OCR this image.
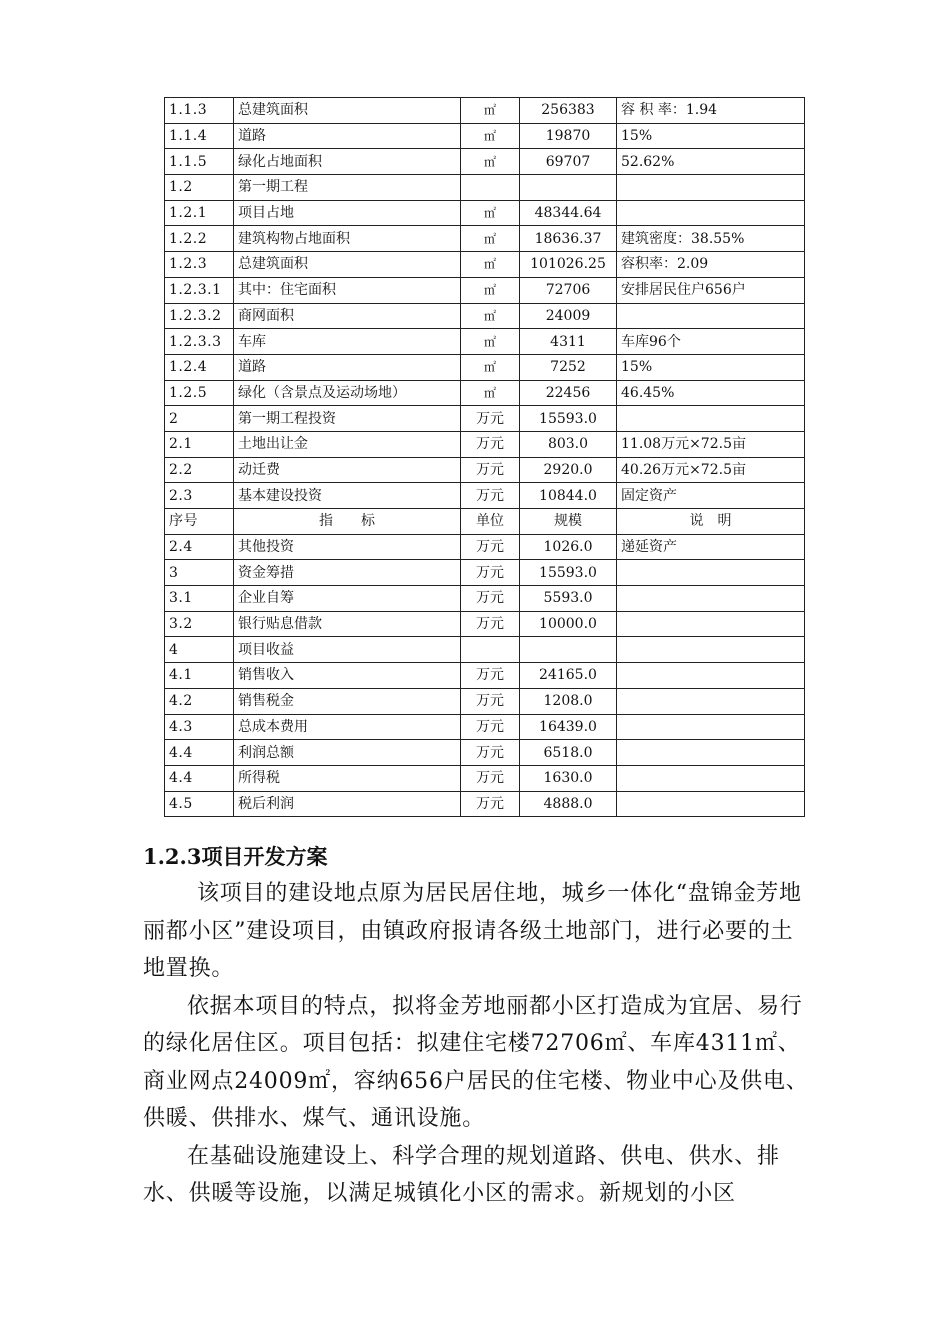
1.1.3	总建筑面积	㎡	256383	容 积 率：1.94
1.1.4	道路	㎡	19870	15%
1.1.5	绿化占地面积	㎡	69707	52.62%
1.2	第一期工程			
1.2.1	项目占地	㎡	48344.64	
1.2.2	建筑构物占地面积	㎡	18636.37	建筑密度：38.55%
1.2.3	总建筑面积	㎡	101026.25	容积率：2.09
1.2.3.1	其中：住宅面积	㎡	72706	安排居民住户656户
1.2.3.2	商网面积	㎡	24009	
1.2.3.3	车库	㎡	4311	车库96个
1.2.4	道路	㎡	7252	15%
1.2.5	绿化（含景点及运动场地）	㎡	22456	46.45%
2	第一期工程投资	万元	15593.0	
2.1	土地出让金	万元	803.0	11.08万元×72.5亩
2.2	动迁费	万元	2920.0	40.26万元×72.5亩
2.3	基本建设投资	万元	10844.0	固定资产
序号	指　　标	单位	规模	说　明
2.4	其他投资	万元	1026.0	递延资产
3	资金筹措	万元	15593.0	
3.1	企业自筹	万元	5593.0	
3.2	银行贴息借款	万元	10000.0	
4	项目收益			
4.1	销售收入	万元	24165.0	
4.2	销售税金	万元	1208.0	
4.3	总成本费用	万元	16439.0	
4.4	利润总额	万元	6518.0	
4.4	所得税	万元	1630.0	
4.5	税后利润	万元	4888.0	
1.2.3项目开发方案

该项目的建设地点原为居民居住地，城乡一体化“盘锦金芳地丽都小区”建设项目，由镇政府报请各级土地部门，进行必要的土地置换。

依据本项目的特点，拟将金芳地丽都小区打造成为宜居、易行的绿化居住区。项目包括：拟建住宅楼72706㎡、车库4311㎡、商业网点24009㎡，容纳656户居民的住宅楼、物业中心及供电、供暖、供排水、煤气、通讯设施。

在基础设施建设上、科学合理的规划道路、供电、供水、排水、供暖等设施，以满足城镇化小区的需求。新规划的小区
